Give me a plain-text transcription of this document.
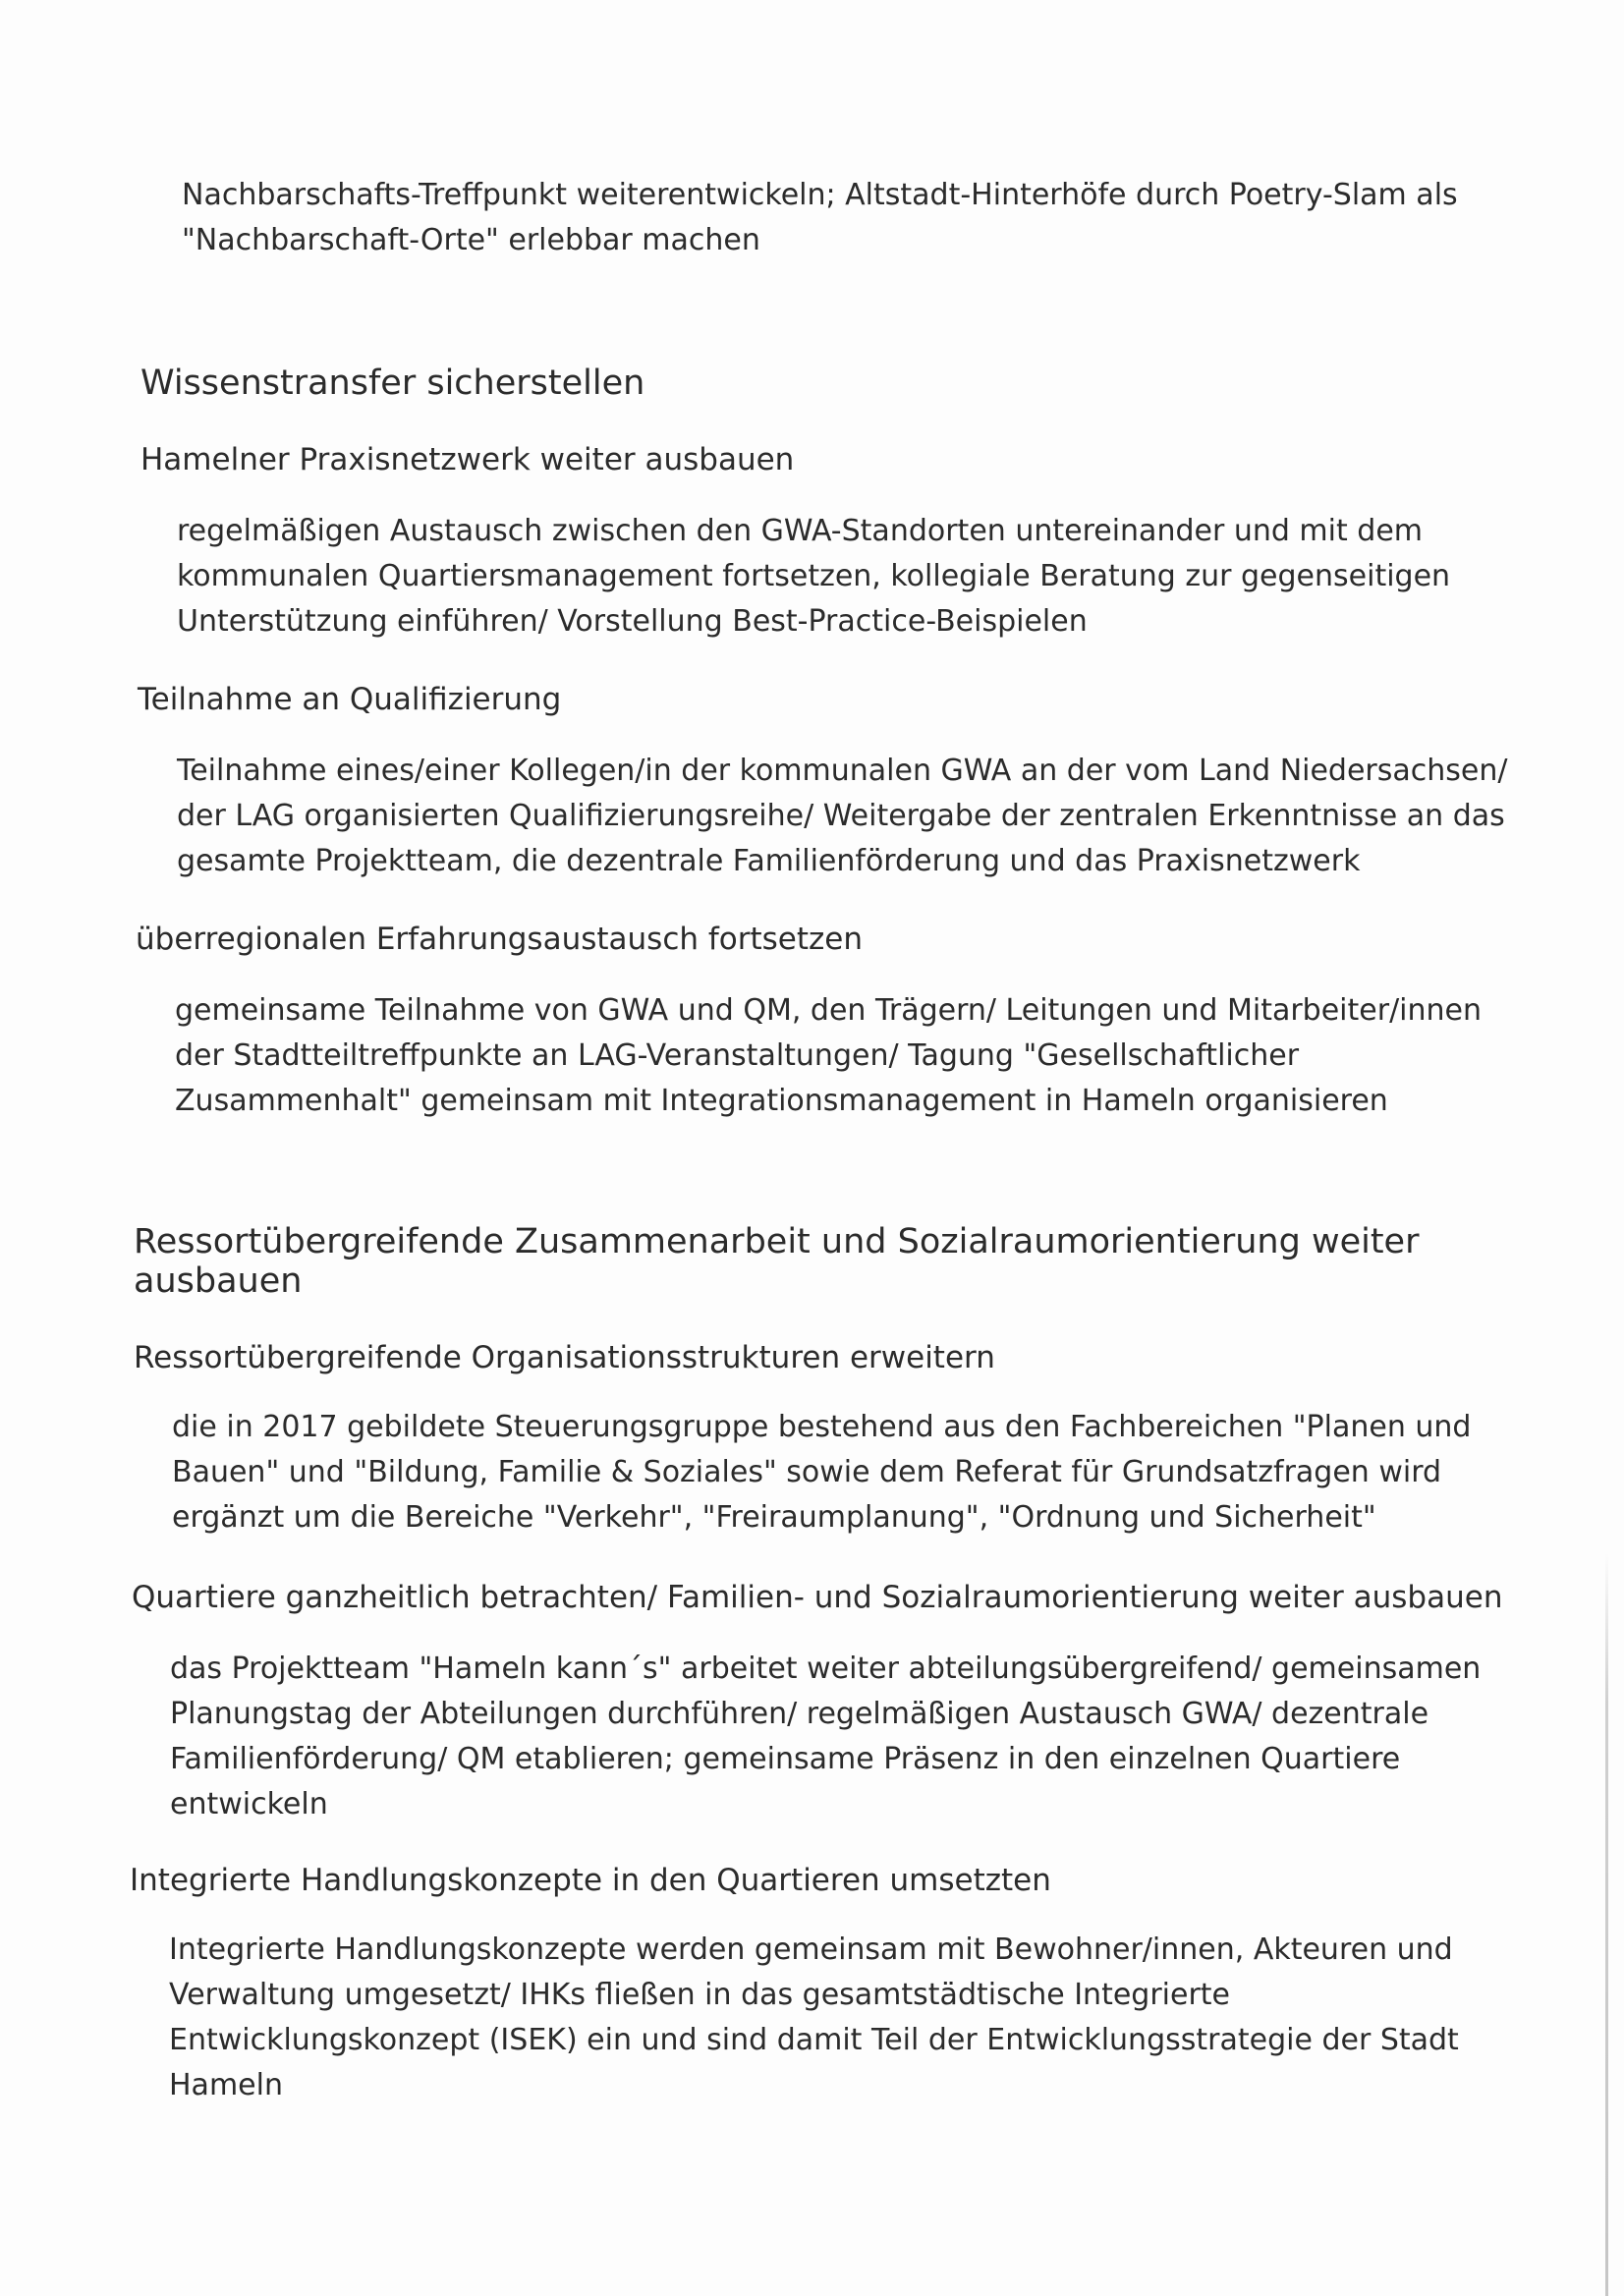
Nachbarschafts-Treffpunkt weiterentwickeln; Altstadt-Hinterhöfe durch Poetry-Slam als
"Nachbarschaft-Orte" erlebbar machen

Wissenstransfer sicherstellen
Hamelner Praxisnetzwerk weiter ausbauen

regelmäßigen Austausch zwischen den GWA-Standorten untereinander und mit dem
kommunalen Quartiersmanagement fortsetzen, kollegiale Beratung zur gegenseitigen
Unterstützung einführen/ Vorstellung Best-Practice-Beispielen

Teilnahme an Qualifizierung

Teilnahme eines/einer Kollegen/in der kommunalen GWA an der vom Land Niedersachsen/
der LAG organisierten Qualifizierungsreihe/ Weitergabe der zentralen Erkenntnisse an das
gesamte Projektteam, die dezentrale Familienförderung und das Praxisnetzwerk

überregionalen Erfahrungsaustausch fortsetzen

gemeinsame Teilnahme von GWA und QM, den Trägern/ Leitungen und Mitarbeiter/innen
der Stadtteiltreffpunkte an LAG-Veranstaltungen/ Tagung "Gesellschaftlicher
Zusammenhalt" gemeinsam mit Integrationsmanagement in Hameln organisieren

Ressortübergreifende Zusammenarbeit und Sozialraumorientierung weiter
ausbauen
Ressortübergreifende Organisationsstrukturen erweitern

die in 2017 gebildete Steuerungsgruppe bestehend aus den Fachbereichen "Planen und
Bauen" und "Bildung, Familie & Soziales" sowie dem Referat für Grundsatzfragen wird
ergänzt um die Bereiche "Verkehr", "Freiraumplanung", "Ordnung und Sicherheit"

Quartiere ganzheitlich betrachten/ Familien- und Sozialraumorientierung weiter ausbauen

das Projektteam "Hameln kann´s" arbeitet weiter abteilungsübergreifend/ gemeinsamen
Planungstag der Abteilungen durchführen/ regelmäßigen Austausch GWA/ dezentrale
Familienförderung/ QM etablieren; gemeinsame Präsenz in den einzelnen Quartiere
entwickeln

Integrierte Handlungskonzepte in den Quartieren umsetzten

Integrierte Handlungskonzepte werden gemeinsam mit Bewohner/innen, Akteuren und
Verwaltung umgesetzt/ IHKs fließen in das gesamtstädtische Integrierte
Entwicklungskonzept (ISEK) ein und sind damit Teil der Entwicklungsstrategie der Stadt
Hameln
